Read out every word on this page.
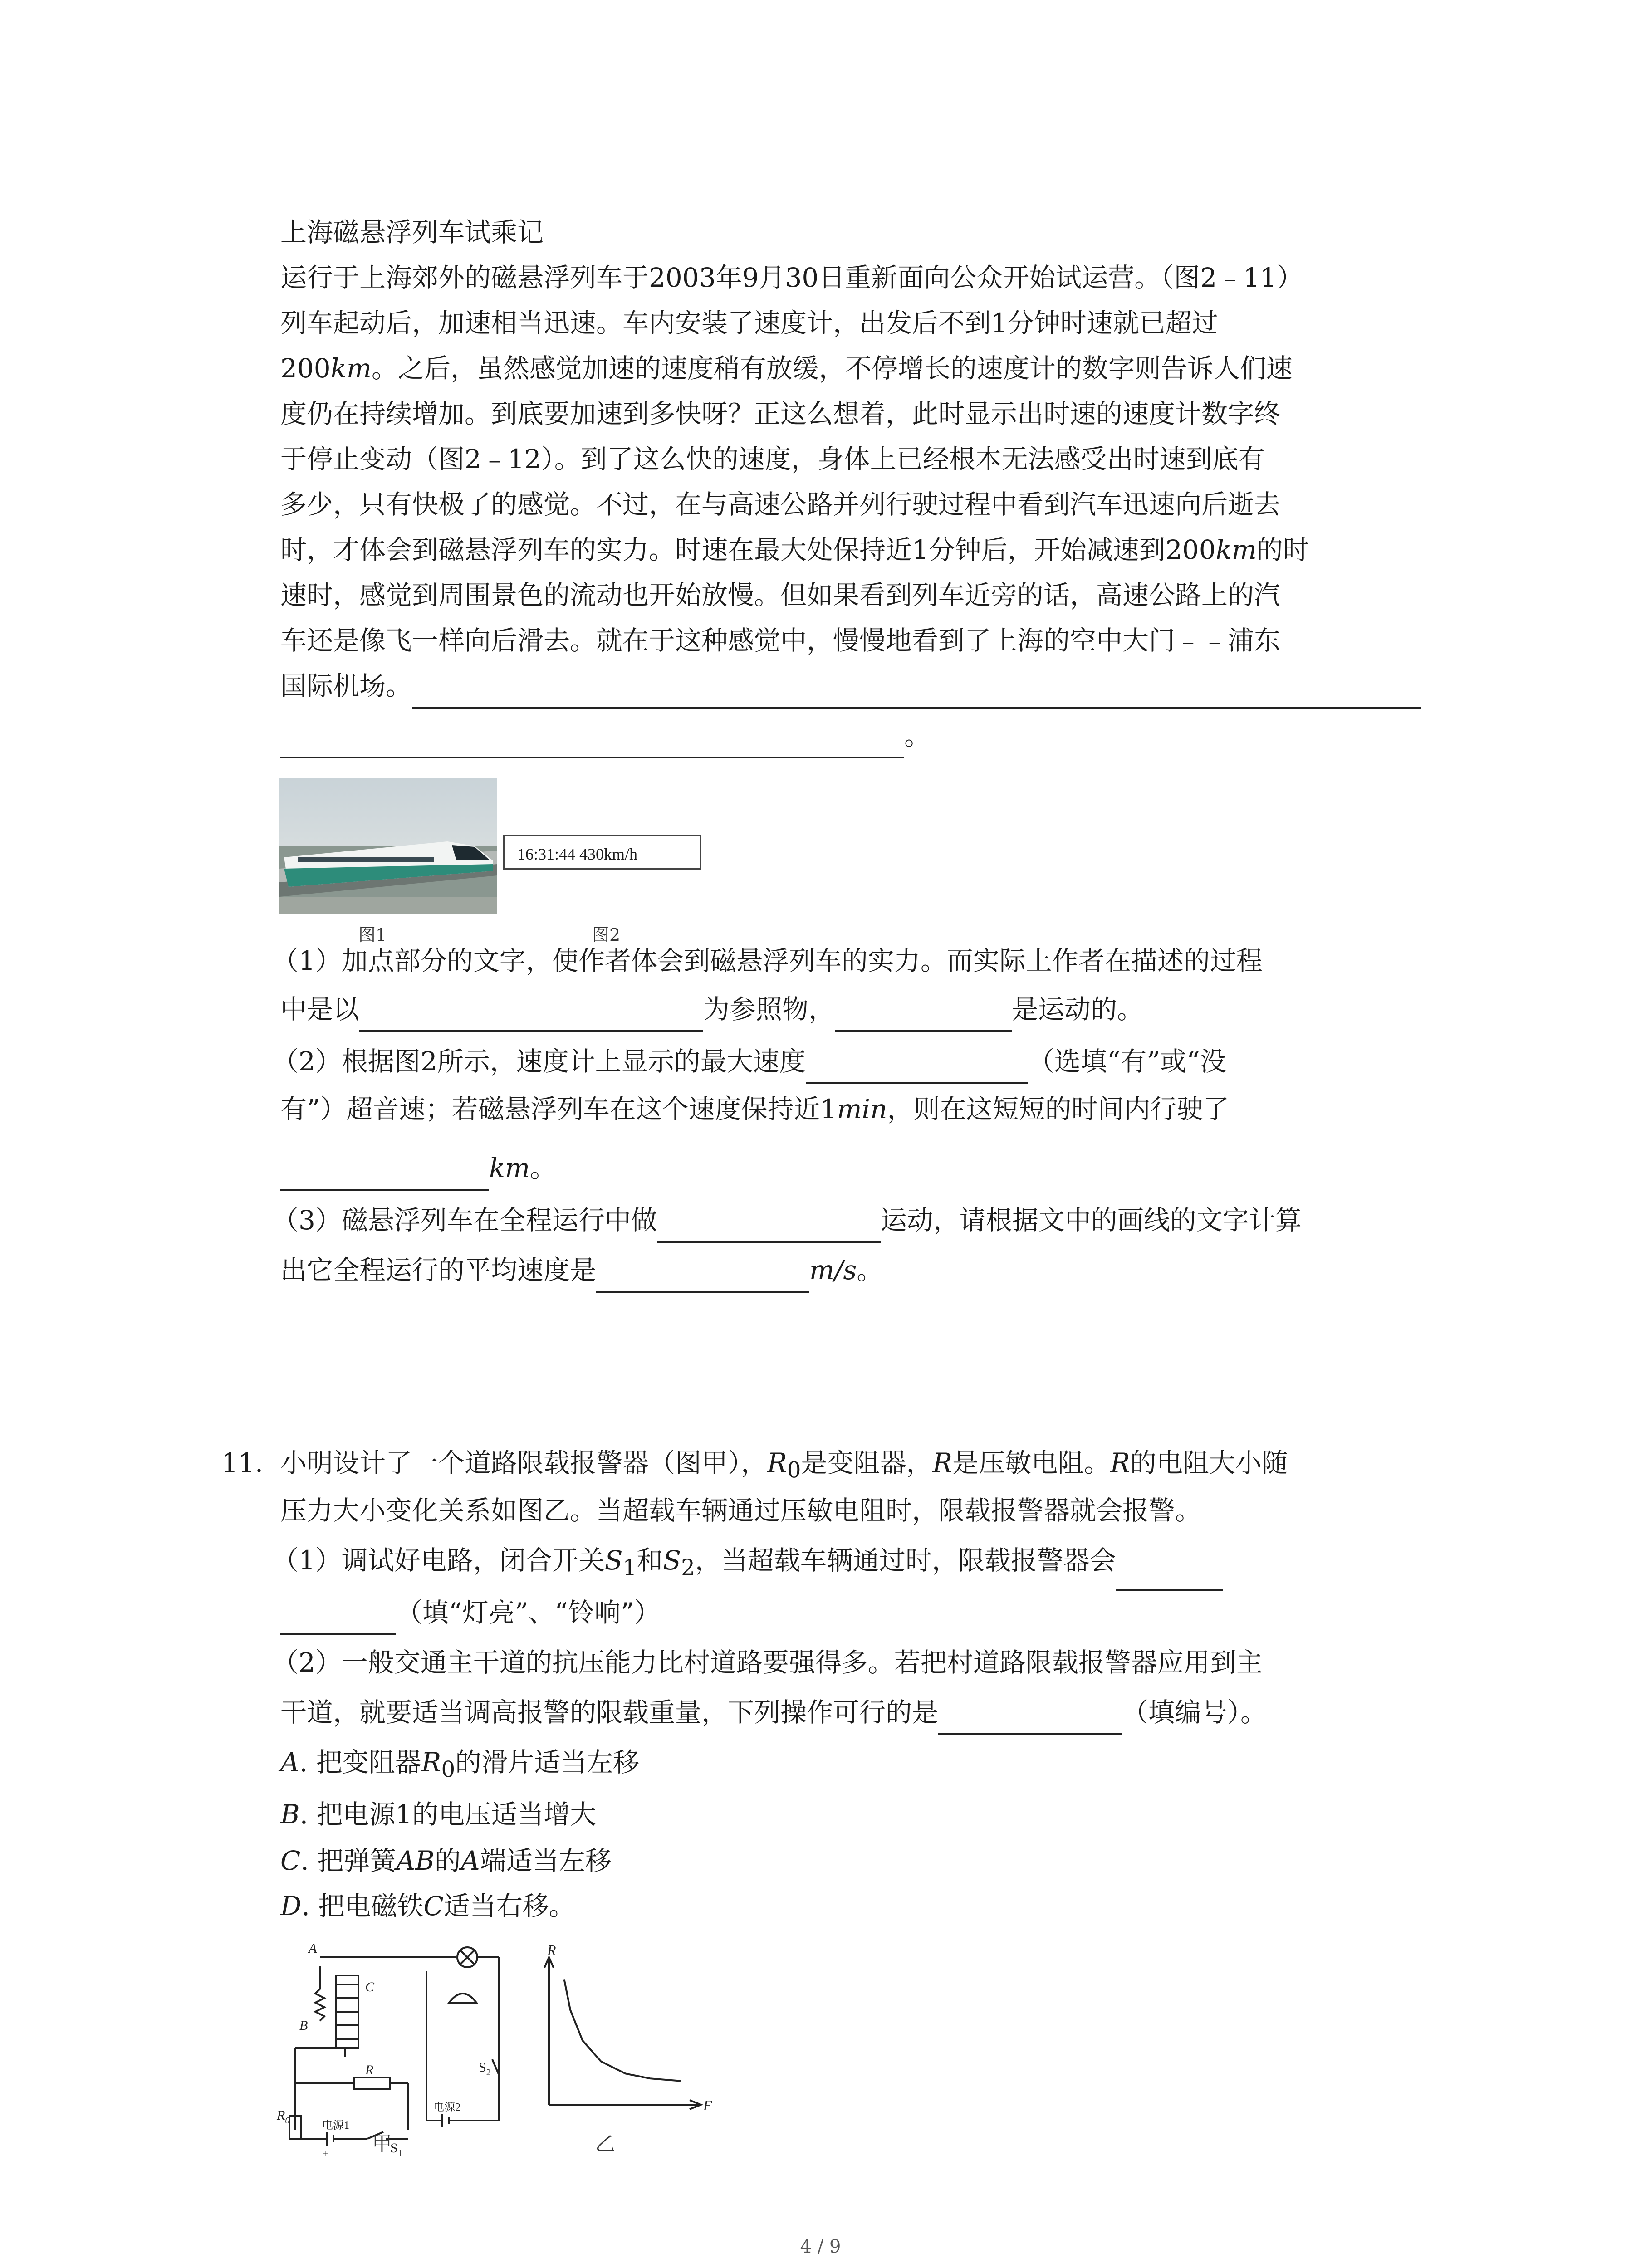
上海磁悬浮列车试乘记

运行于上海郊外的磁悬浮列车于2003年9月30日重新面向公众开始试运营。（图2﹣11）

列车起动后，加速相当迅速。车内安装了速度计，出发后不到1分钟时速就已超过

200km。之后，虽然感觉加速的速度稍有放缓，不停增长的速度计的数字则告诉人们速

度仍在持续增加。到底要加速到多快呀？正这么想着，此时显示出时速的速度计数字终

于停止变动（图2﹣12）。到了这么快的速度，身体上已经根本无法感受出时速到底有

多少，只有快极了的感觉。不过，在与高速公路并列行驶过程中看到汽车迅速向后逝去

时，才体会到磁悬浮列车的实力。时速在最大处保持近1分钟后，开始减速到200km的时

速时，感觉到周围景色的流动也开始放慢。但如果看到列车近旁的话，高速公路上的汽

车还是像飞一样向后滑去。就在于这种感觉中，慢慢地看到了上海的空中大门﹣﹣浦东

国际机场。

。

16:31:44 430km/h
图1	图2

（1）加点部分的文字，使作者体会到磁悬浮列车的实力。而实际上作者在描述的过程

中是以	为参照物，	是运动的。

（2）根据图2所示，速度计上显示的最大速度	（选填“有”或“没

有”）超音速；若磁悬浮列车在这个速度保持近1min，则在这短短的时间内行驶了

km。

（3）磁悬浮列车在全程运行中做	运动，请根据文中的画线的文字计算

出它全程运行的平均速度是	m/s。

11. 小明设计了一个道路限载报警器（图甲），$R_0$是变阻器，R是压敏电阻。R的电阻大小随

压力大小变化关系如图乙。当超载车辆通过压敏电阻时，限载报警器就会报警。

（1）调试好电路，闭合开关$S_1$和$S_2$，当超载车辆通过时，限载报警器会

（填“灯亮”、“铃响”）

（2）一般交通主干道的抗压能力比村道路要强得多。若把村道路限载报警器应用到主

干道，就要适当调高报警的限载重量，下列操作可行的是	（填编号）。

A. 把变阻器$R_0$的滑片适当左移

B. 把电源1的电压适当增大

C. 把弹簧AB的A端适当左移

D. 把电磁铁C适当右移。

A
B
C
R
$R_0$	电源1
+ －	$S_1$
电源2
$S_2$
甲
R
F
乙
4 / 9
